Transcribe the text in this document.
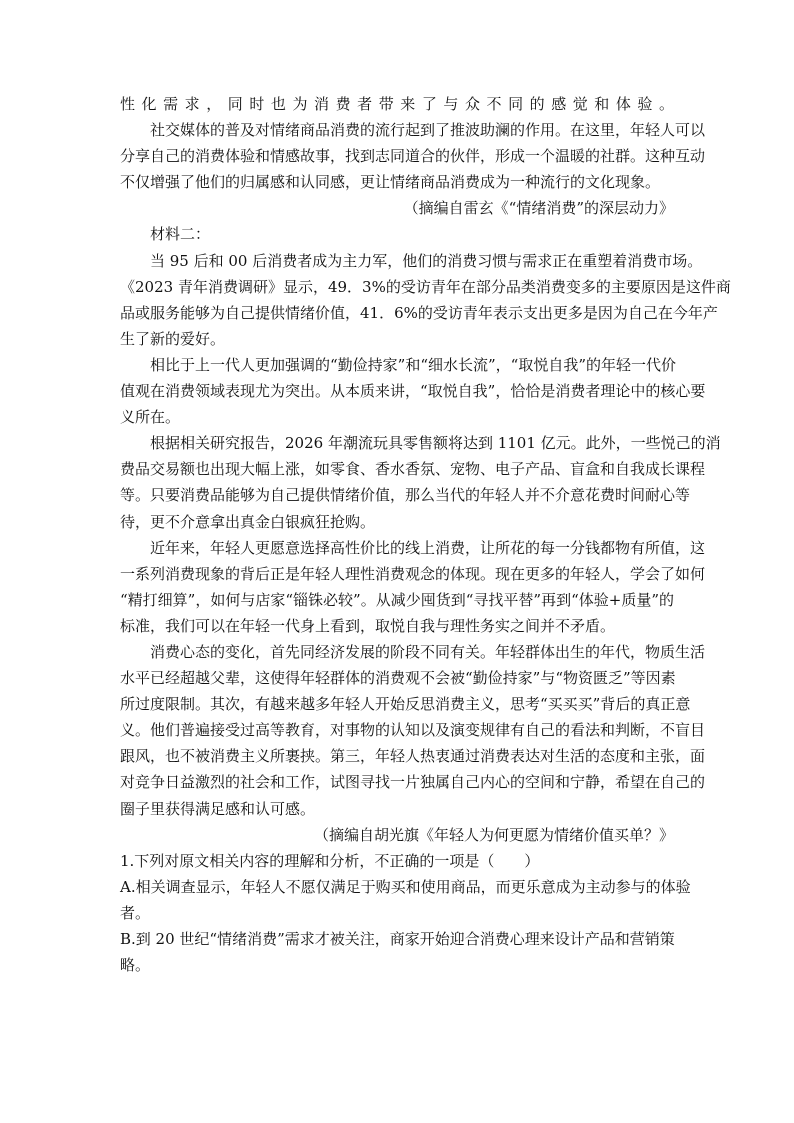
性化需求，同时也为消费者带来了与众不同的感觉和体验。
社交媒体的普及对情绪商品消费的流行起到了推波助澜的作用。在这里，年轻人可以
分享自己的消费体验和情感故事，找到志同道合的伙伴，形成一个温暖的社群。这种互动
不仅增强了他们的归属感和认同感，更让情绪商品消费成为一种流行的文化现象。
（摘编自雷玄《“情绪消费”的深层动力》
材料二：
当 95 后和 00 后消费者成为主力军，他们的消费习惯与需求正在重塑着消费市场。
《2023 青年消费调研》显示，49．3%的受访青年在部分品类消费变多的主要原因是这件商
品或服务能够为自己提供情绪价值，41．6%的受访青年表示支出更多是因为自己在今年产
生了新的爱好。
相比于上一代人更加强调的“勤俭持家”和“细水长流”，“取悦自我”的年轻一代价
值观在消费领域表现尤为突出。从本质来讲，“取悦自我”，恰恰是消费者理论中的核心要
义所在。
根据相关研究报告，2026 年潮流玩具零售额将达到 1101 亿元。此外，一些悦己的消
费品交易额也出现大幅上涨，如零食、香水香氛、宠物、电子产品、盲盒和自我成长课程
等。只要消费品能够为自己提供情绪价值，那么当代的年轻人并不介意花费时间耐心等
待，更不介意拿出真金白银疯狂抢购。
近年来，年轻人更愿意选择高性价比的线上消费，让所花的每一分钱都物有所值，这
一系列消费现象的背后正是年轻人理性消费观念的体现。现在更多的年轻人，学会了如何
“精打细算”，如何与店家“锱铢必较”。从减少囤货到“寻找平替”再到“体验+质量”的
标准，我们可以在年轻一代身上看到，取悦自我与理性务实之间并不矛盾。
消费心态的变化，首先同经济发展的阶段不同有关。年轻群体出生的年代，物质生活
水平已经超越父辈，这使得年轻群体的消费观不会被“勤俭持家”与“物资匮乏”等因素
所过度限制。其次，有越来越多年轻人开始反思消费主义，思考“买买买”背后的真正意
义。他们普遍接受过高等教育，对事物的认知以及演变规律有自己的看法和判断，不盲目
跟风，也不被消费主义所裹挟。第三，年轻人热衷通过消费表达对生活的态度和主张，面
对竞争日益激烈的社会和工作，试图寻找一片独属自己内心的空间和宁静，希望在自己的
圈子里获得满足感和认可感。
（摘编自胡光旗《年轻人为何更愿为情绪价值买单？》
1.下列对原文相关内容的理解和分析，不正确的一项是（　　）
A.相关调查显示，年轻人不愿仅满足于购买和使用商品，而更乐意成为主动参与的体验
者。
B.到 20 世纪“情绪消费”需求才被关注，商家开始迎合消费心理来设计产品和营销策
略。
